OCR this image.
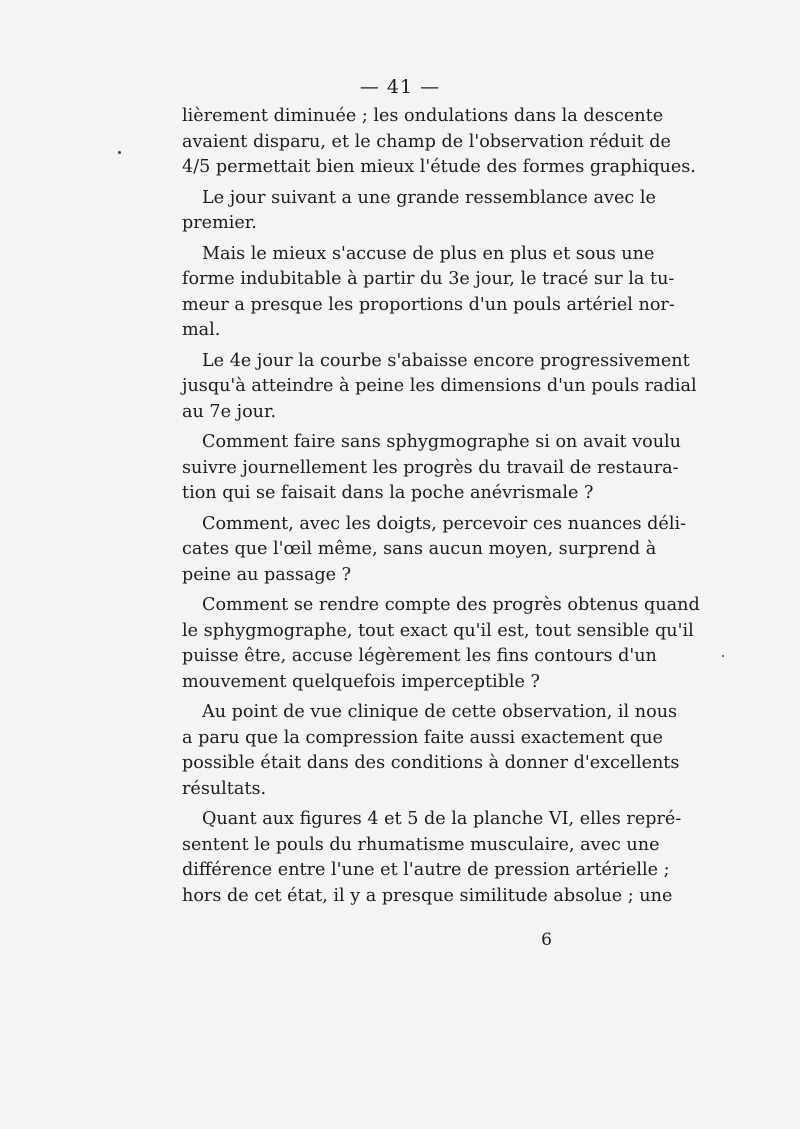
— 41 —

lièrement diminuée ; les ondulations dans la descente
avaient disparu, et le champ de l'observation réduit de
4/5 permettait bien mieux l'étude des formes graphiques.

Le jour suivant a une grande ressemblance avec le
premier.

Mais le mieux s'accuse de plus en plus et sous une
forme indubitable à partir du 3e jour, le tracé sur la tu-
meur a presque les proportions d'un pouls artériel nor-
mal.

Le 4e jour la courbe s'abaisse encore progressivement
jusqu'à atteindre à peine les dimensions d'un pouls radial
au 7e jour.

Comment faire sans sphygmographe si on avait voulu
suivre journellement les progrès du travail de restaura-
tion qui se faisait dans la poche anévrismale ?

Comment, avec les doigts, percevoir ces nuances déli-
cates que l'œil même, sans aucun moyen, surprend à
peine au passage ?

Comment se rendre compte des progrès obtenus quand
le sphygmographe, tout exact qu'il est, tout sensible qu'il
puisse être, accuse légèrement les fins contours d'un
mouvement quelquefois imperceptible ?

Au point de vue clinique de cette observation, il nous
a paru que la compression faite aussi exactement que
possible était dans des conditions à donner d'excellents
résultats.

Quant aux figures 4 et 5 de la planche VI, elles repré-
sentent le pouls du rhumatisme musculaire, avec une
différence entre l'une et l'autre de pression artérielle ;
hors de cet état, il y a presque similitude absolue ; une

6
